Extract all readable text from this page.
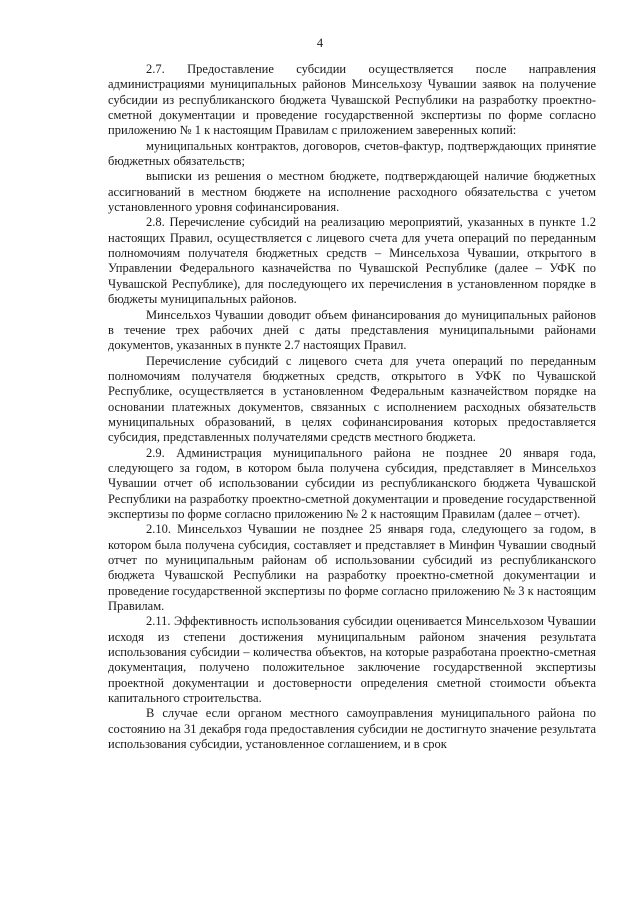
4

2.7. Предоставление субсидии осуществляется после направления администрациями муниципальных районов Минсельхозу Чувашии заявок на получение субсидии из республиканского бюджета Чувашской Республики на разработку проектно-сметной документации и проведение государственной экспертизы по форме согласно приложению № 1 к настоящим Правилам с приложением заверенных копий:

муниципальных контрактов, договоров, счетов-фактур, подтверждающих принятие бюджетных обязательств;

выписки из решения о местном бюджете, подтверждающей наличие бюджетных ассигнований в местном бюджете на исполнение расходного обязательства с учетом установленного уровня софинансирования.

2.8. Перечисление субсидий на реализацию мероприятий, указанных в пункте 1.2 настоящих Правил, осуществляется с лицевого счета для учета операций по переданным полномочиям получателя бюджетных средств – Минсельхоза Чувашии, открытого в Управлении Федерального казначейства по Чувашской Республике (далее – УФК по Чувашской Республике), для последующего их перечисления в установленном порядке в бюджеты муниципальных районов.

Минсельхоз Чувашии доводит объем финансирования до муниципальных районов в течение трех рабочих дней с даты представления муниципальными районами документов, указанных в пункте 2.7 настоящих Правил.

Перечисление субсидий с лицевого счета для учета операций по переданным полномочиям получателя бюджетных средств, открытого в УФК по Чувашской Республике, осуществляется в установленном Федеральным казначейством порядке на основании платежных документов, связанных с исполнением расходных обязательств муниципальных образований, в целях софинансирования которых предоставляется субсидия, представленных получателями средств местного бюджета.

2.9. Администрация муниципального района не позднее 20 января года, следующего за годом, в котором была получена субсидия, представляет в Минсельхоз Чувашии отчет об использовании субсидии из республиканского бюджета Чувашской Республики на разработку проектно-сметной документации и проведение государственной экспертизы по форме согласно приложению № 2 к настоящим Правилам (далее – отчет).

2.10. Минсельхоз Чувашии не позднее 25 января года, следующего за годом, в котором была получена субсидия, составляет и представляет в Минфин Чувашии сводный отчет по муниципальным районам об использовании субсидий из республиканского бюджета Чувашской Республики на разработку проектно-сметной документации и проведение государственной экспертизы по форме согласно приложению № 3 к настоящим Правилам.

2.11. Эффективность использования субсидии оценивается Минсельхозом Чувашии исходя из степени достижения муниципальным районом значения результата использования субсидии – количества объектов, на которые разработана проектно-сметная документация, получено положительное заключение государственной экспертизы проектной документации и достоверности определения сметной стоимости объекта капитального строительства.

В случае если органом местного самоуправления муниципального района по состоянию на 31 декабря года предоставления субсидии не достигнуто значение результата использования субсидии, установленное соглашением, и в срок
